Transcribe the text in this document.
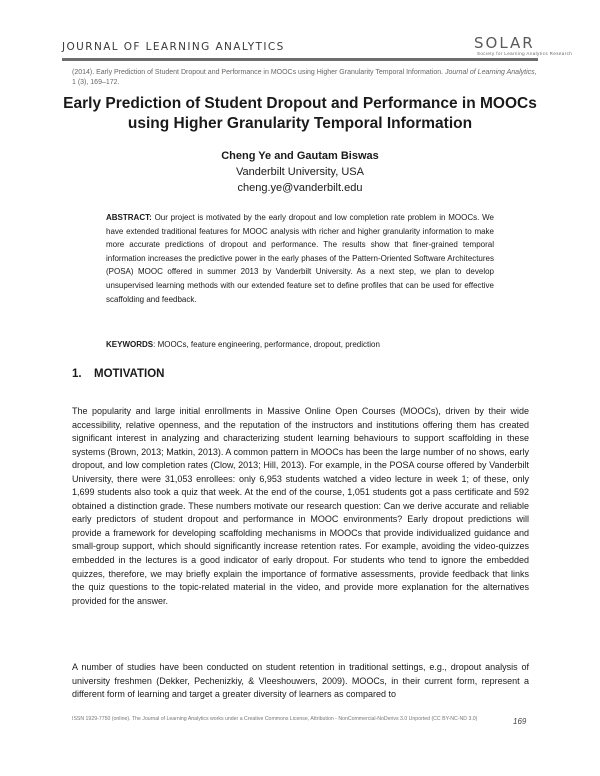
JOURNAL OF LEARNING ANALYTICS	SOLAR
Society for Learning Analytics Research
(2014). Early Prediction of Student Dropout and Performance in MOOCs using Higher Granularity Temporal Information. Journal of Learning Analytics, 1 (3), 169–172.
Early Prediction of Student Dropout and Performance in MOOCs using Higher Granularity Temporal Information
Cheng Ye and Gautam Biswas
Vanderbilt University, USA
cheng.ye@vanderbilt.edu
ABSTRACT: Our project is motivated by the early dropout and low completion rate problem in MOOCs. We have extended traditional features for MOOC analysis with richer and higher granularity information to make more accurate predictions of dropout and performance. The results show that finer-grained temporal information increases the predictive power in the early phases of the Pattern-Oriented Software Architectures (POSA) MOOC offered in summer 2013 by Vanderbilt University. As a next step, we plan to develop unsupervised learning methods with our extended feature set to define profiles that can be used for effective scaffolding and feedback.
KEYWORDS: MOOCs, feature engineering, performance, dropout, prediction
1. MOTIVATION
The popularity and large initial enrollments in Massive Online Open Courses (MOOCs), driven by their wide accessibility, relative openness, and the reputation of the instructors and institutions offering them has created significant interest in analyzing and characterizing student learning behaviours to support scaffolding in these systems (Brown, 2013; Matkin, 2013). A common pattern in MOOCs has been the large number of no shows, early dropout, and low completion rates (Clow, 2013; Hill, 2013). For example, in the POSA course offered by Vanderbilt University, there were 31,053 enrollees: only 6,953 students watched a video lecture in week 1; of these, only 1,699 students also took a quiz that week. At the end of the course, 1,051 students got a pass certificate and 592 obtained a distinction grade. These numbers motivate our research question: Can we derive accurate and reliable early predictors of student dropout and performance in MOOC environments? Early dropout predictions will provide a framework for developing scaffolding mechanisms in MOOCs that provide individualized guidance and small-group support, which should significantly increase retention rates. For example, avoiding the video-quizzes embedded in the lectures is a good indicator of early dropout. For students who tend to ignore the embedded quizzes, therefore, we may briefly explain the importance of formative assessments, provide feedback that links the quiz questions to the topic-related material in the video, and provide more explanation for the alternatives provided for the answer.
A number of studies have been conducted on student retention in traditional settings, e.g., dropout analysis of university freshmen (Dekker, Pechenizkiy, & Vleeshouwers, 2009). MOOCs, in their current form, represent a different form of learning and target a greater diversity of learners as compared to
ISSN 1929-7750 (online). The Journal of Learning Analytics works under a Creative Commons License, Attribution - NonCommercial-NoDerivs 3.0 Unported (CC BY-NC-ND 3.0)	169
